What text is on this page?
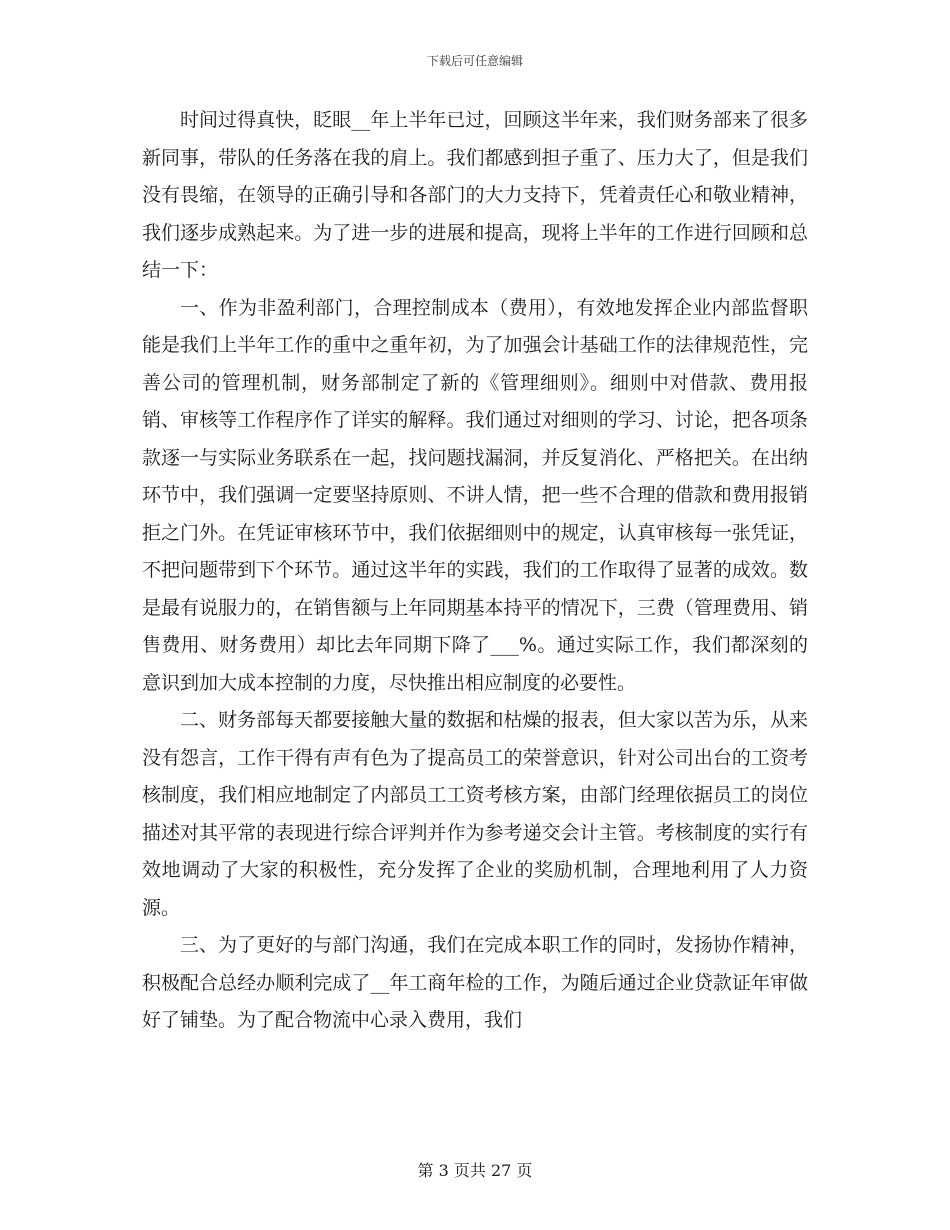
下载后可任意编辑

时间过得真快，眨眼__年上半年已过，回顾这半年来，我们财务部来了很多新同事，带队的任务落在我的肩上。我们都感到担子重了、压力大了，但是我们没有畏缩，在领导的正确引导和各部门的大力支持下，凭着责任心和敬业精神，我们逐步成熟起来。为了进一步的进展和提高，现将上半年的工作进行回顾和总结一下：

一、作为非盈利部门，合理控制成本（费用），有效地发挥企业内部监督职能是我们上半年工作的重中之重年初，为了加强会计基础工作的法律规范性，完善公司的管理机制，财务部制定了新的《管理细则》。细则中对借款、费用报销、审核等工作程序作了详实的解释。我们通过对细则的学习、讨论，把各项条款逐一与实际业务联系在一起，找问题找漏洞，并反复消化、严格把关。在出纳环节中，我们强调一定要坚持原则、不讲人情，把一些不合理的借款和费用报销拒之门外。在凭证审核环节中，我们依据细则中的规定，认真审核每一张凭证，不把问题带到下个环节。通过这半年的实践，我们的工作取得了显著的成效。数是最有说服力的，在销售额与上年同期基本持平的情况下，三费（管理费用、销售费用、财务费用）却比去年同期下降了___%。通过实际工作，我们都深刻的意识到加大成本控制的力度，尽快推出相应制度的必要性。

二、财务部每天都要接触大量的数据和枯燥的报表，但大家以苦为乐，从来没有怨言，工作干得有声有色为了提高员工的荣誉意识，针对公司出台的工资考核制度，我们相应地制定了内部员工工资考核方案，由部门经理依据员工的岗位描述对其平常的表现进行综合评判并作为参考递交会计主管。考核制度的实行有效地调动了大家的积极性，充分发挥了企业的奖励机制，合理地利用了人力资源。

三、为了更好的与部门沟通，我们在完成本职工作的同时，发扬协作精神，积极配合总经办顺利完成了__年工商年检的工作，为随后通过企业贷款证年审做好了铺垫。为了配合物流中心录入费用，我们

第 3 页共 27 页
